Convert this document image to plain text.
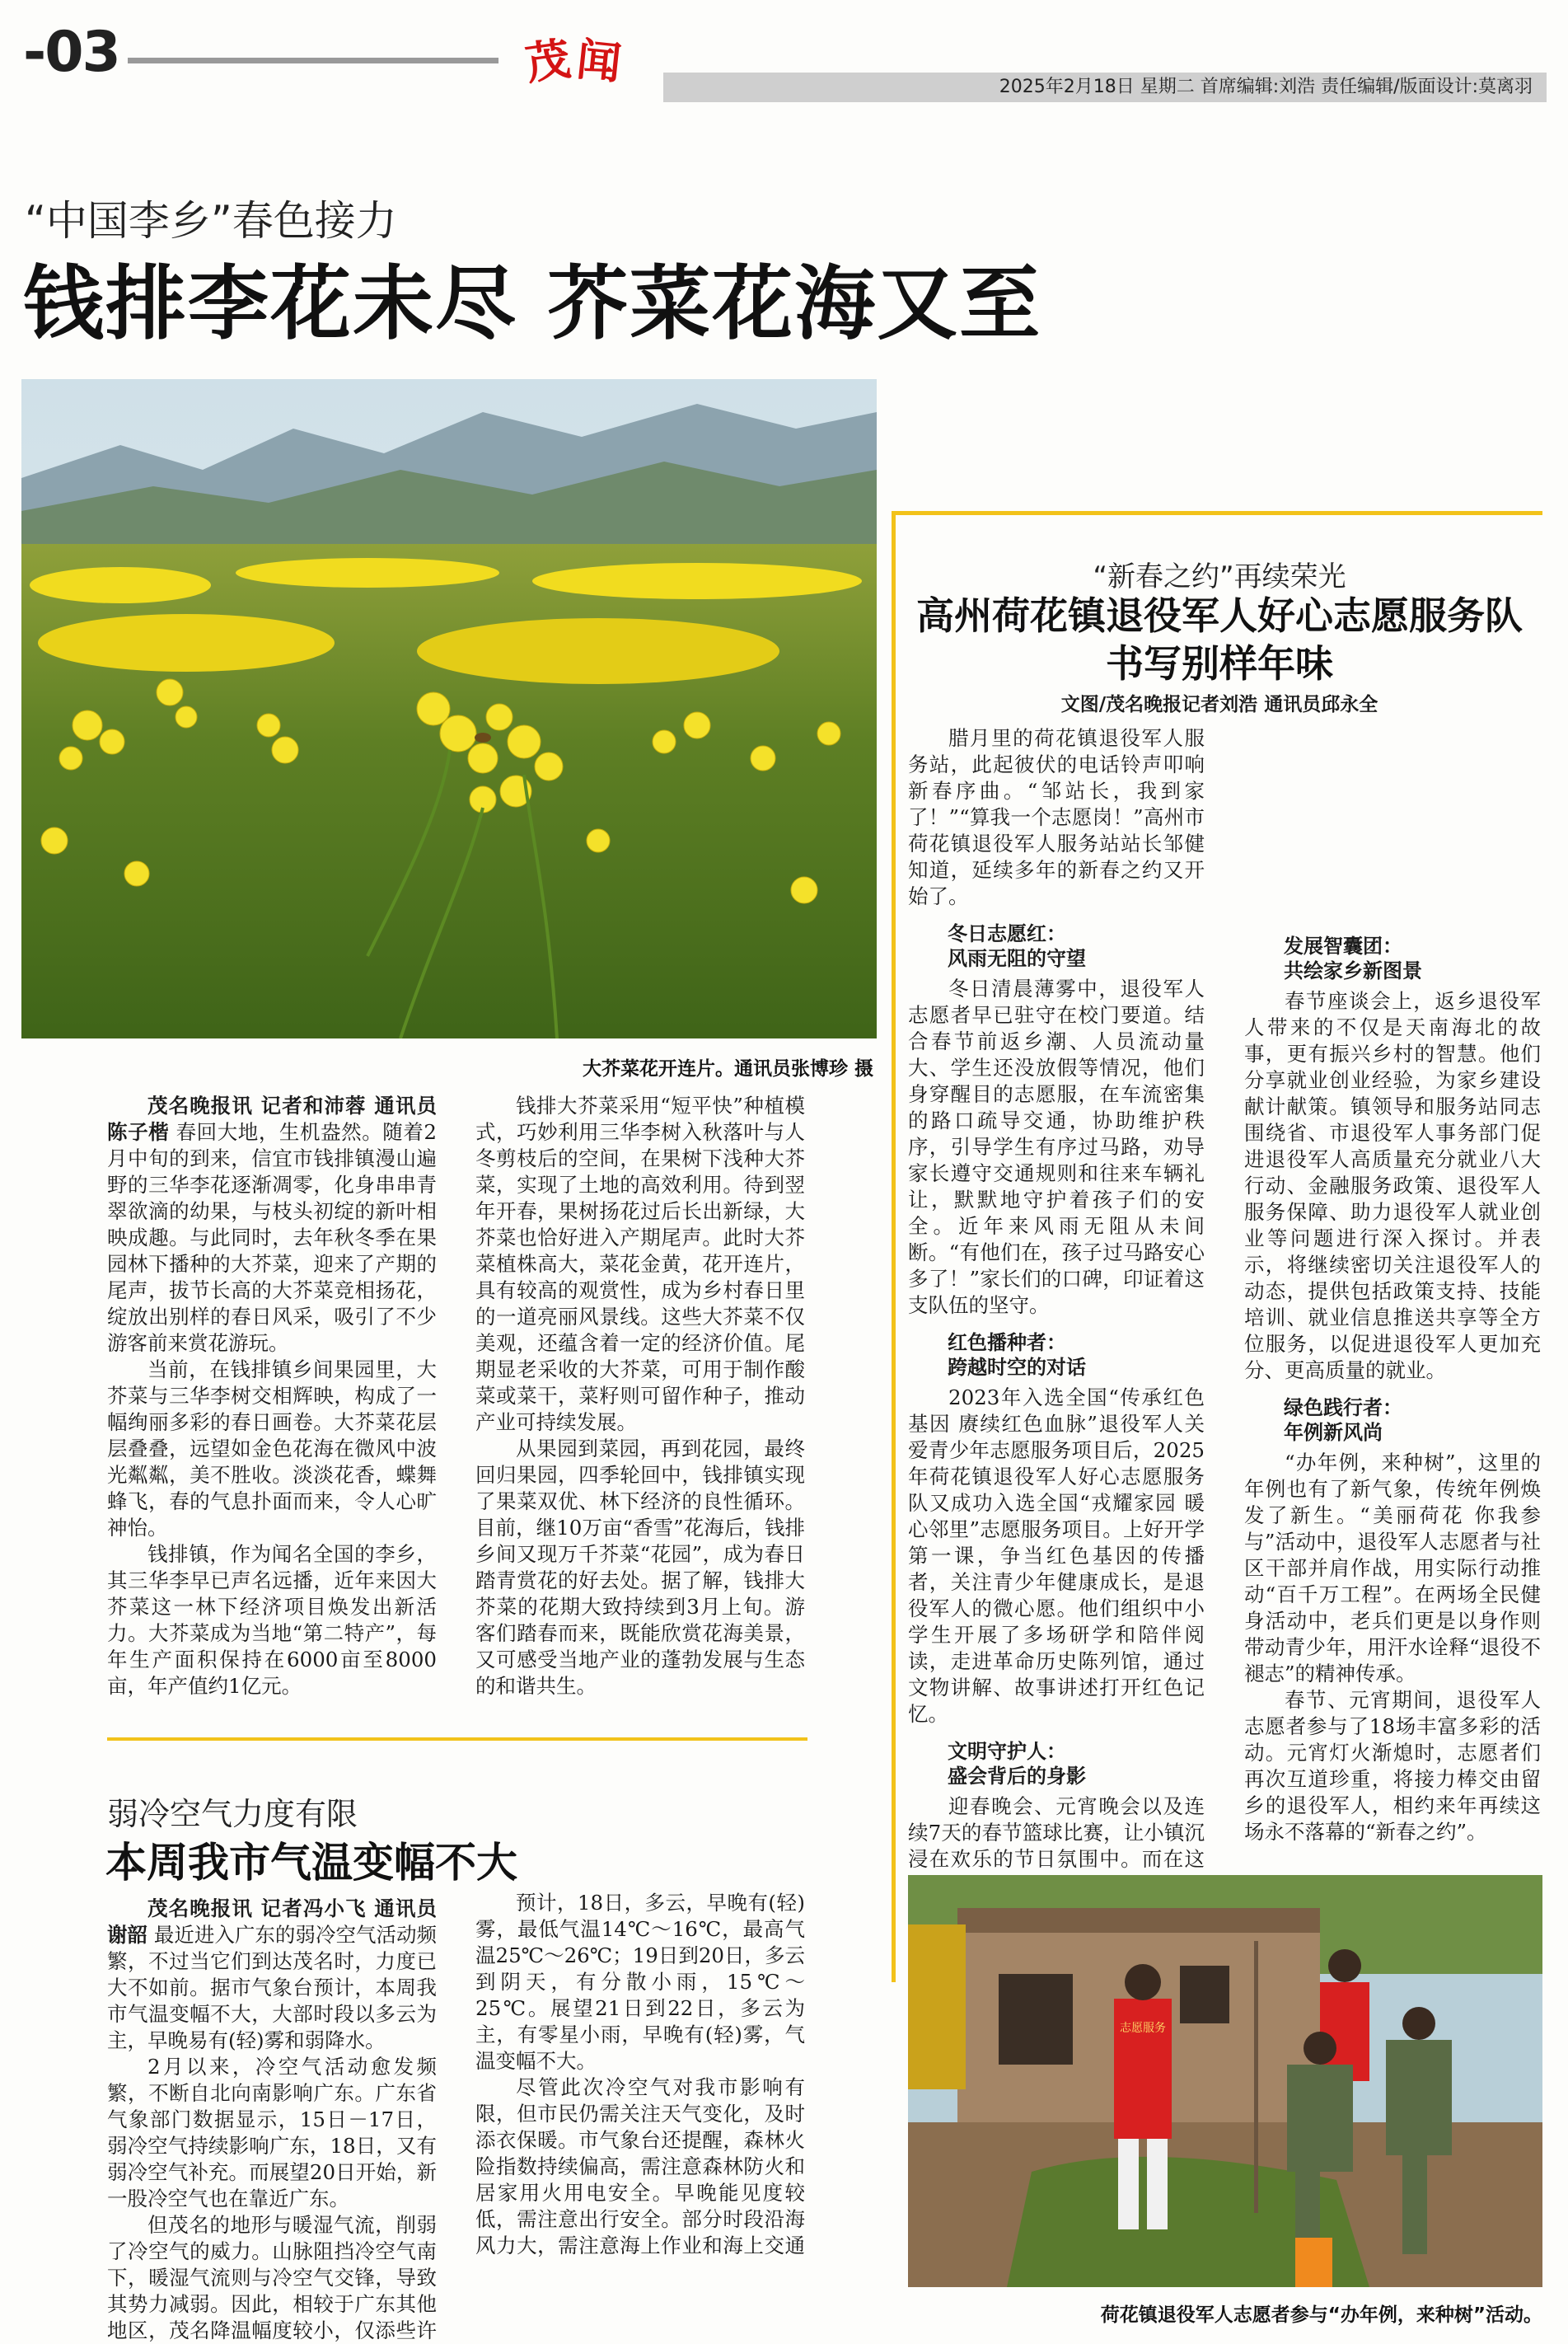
-03	茂 闻	2025年2月18日 星期二 首席编辑:刘浩 责任编辑/版面设计:莫离羽
“中国李乡”春色接力
钱排李花未尽 芥菜花海又至
大芥菜花开连片。通讯员张博珍 摄

茂名晚报讯 记者和沛蓉 通讯员陈子楷 春回大地，生机盎然。随着2月中旬的到来，信宜市钱排镇漫山遍野的三华李花逐渐凋零，化身串串青翠欲滴的幼果，与枝头初绽的新叶相映成趣。与此同时，去年秋冬季在果园林下播种的大芥菜，迎来了产期的尾声，拔节长高的大芥菜竞相扬花，绽放出别样的春日风采，吸引了不少游客前来赏花游玩。

当前，在钱排镇乡间果园里，大芥菜与三华李树交相辉映，构成了一幅绚丽多彩的春日画卷。大芥菜花层层叠叠，远望如金色花海在微风中波光粼粼，美不胜收。淡淡花香，蝶舞蜂飞，春的气息扑面而来，令人心旷神怡。

钱排镇，作为闻名全国的李乡，其三华李早已声名远播，近年来因大芥菜这一林下经济项目焕发出新活力。大芥菜成为当地“第二特产”，每年生产面积保持在6000亩至8000亩，年产值约1亿元。

钱排大芥菜采用“短平快”种植模式，巧妙利用三华李树入秋落叶与人冬剪枝后的空间，在果树下浅种大芥菜，实现了土地的高效利用。待到翌年开春，果树扬花过后长出新绿，大芥菜也恰好进入产期尾声。此时大芥菜植株高大，菜花金黄，花开连片，具有较高的观赏性，成为乡村春日里的一道亮丽风景线。这些大芥菜不仅美观，还蕴含着一定的经济价值。尾期显老采收的大芥菜，可用于制作酸菜或菜干，菜籽则可留作种子，推动产业可持续发展。

从果园到菜园，再到花园，最终回归果园，四季轮回中，钱排镇实现了果菜双优、林下经济的良性循环。目前，继10万亩“香雪”花海后，钱排乡间又现万千芥菜“花园”，成为春日踏青赏花的好去处。据了解，钱排大芥菜的花期大致持续到3月上旬。游客们踏春而来，既能欣赏花海美景，又可感受当地产业的蓬勃发展与生态的和谐共生。

“新春之约”再续荣光
高州荷花镇退役军人好心志愿服务队
书写别样年味
文图/茂名晚报记者刘浩 通讯员邱永全

腊月里的荷花镇退役军人服务站，此起彼伏的电话铃声叩响新春序曲。“邹站长，我到家了！”“算我一个志愿岗！”高州市荷花镇退役军人服务站站长邹健知道，延续多年的新春之约又开始了。

冬日志愿红：
风雨无阻的守望

冬日清晨薄雾中，退役军人志愿者早已驻守在校门要道。结合春节前返乡潮、人员流动量大、学生还没放假等情况，他们身穿醒目的志愿服，在车流密集的路口疏导交通，协助维护秩序，引导学生有序过马路，劝导家长遵守交通规则和往来车辆礼让，默默地守护着孩子们的安全。近年来风雨无阻从未间断。“有他们在，孩子过马路安心多了！”家长们的口碑，印证着这支队伍的坚守。

红色播种者：
跨越时空的对话

2023年入选全国“传承红色基因 赓续红色血脉”退役军人关爱青少年志愿服务项目后，2025年荷花镇退役军人好心志愿服务队又成功入选全国“戎耀家园 暖心邻里”志愿服务项目。上好开学第一课，争当红色基因的传播者，关注青少年健康成长，是退役军人的微心愿。他们组织中小学生开展了多场研学和陪伴阅读，走进革命历史陈列馆，通过文物讲解、故事讲述打开红色记忆。

文明守护人：
盛会背后的身影

迎春晚会、元宵晚会以及连续7天的春节篮球比赛，让小镇沉浸在欢乐的节日氛围中。而在这

发展智囊团：
共绘家乡新图景

春节座谈会上，返乡退役军人带来的不仅是天南海北的故事，更有振兴乡村的智慧。他们分享就业创业经验，为家乡建设献计献策。镇领导和服务站同志围绕省、市退役军人事务部门促进退役军人高质量充分就业八大行动、金融服务政策、退役军人服务保障、助力退役军人就业创业等问题进行深入探讨。并表示，将继续密切关注退役军人的动态，提供包括政策支持、技能培训、就业信息推送共享等全方位服务，以促进退役军人更加充分、更高质量的就业。

绿色践行者：
年例新风尚

“办年例，来种树”，这里的年例也有了新气象，传统年例焕发了新生。“美丽荷花 你我参与”活动中，退役军人志愿者与社区干部并肩作战，用实际行动推动“百千万工程”。在两场全民健身活动中，老兵们更是以身作则带动青少年，用汗水诠释“退役不褪志”的精神传承。

春节、元宵期间，退役军人志愿者参与了18场丰富多彩的活动。元宵灯火渐熄时，志愿者们再次互道珍重，将接力棒交由留乡的退役军人，相约来年再续这场永不落幕的“新春之约”。

志愿服务
荷花镇退役军人志愿者参与“办年例，来种树”活动。
弱冷空气力度有限
本周我市气温变幅不大

茂名晚报讯 记者冯小飞 通讯员谢韶 最近进入广东的弱冷空气活动频繁，不过当它们到达茂名时，力度已大不如前。据市气象台预计，本周我市气温变幅不大，大部时段以多云为主，早晚易有(轻)雾和弱降水。

2月以来，冷空气活动愈发频繁，不断自北向南影响广东。广东省气象部门数据显示，15日－17日，弱冷空气持续影响广东，18日，又有弱冷空气补充。而展望20日开始，新一股冷空气也在靠近广东。

但茂名的地形与暖湿气流，削弱了冷空气的威力。山脉阻挡冷空气南下，暖湿气流则与冷空气交锋，导致其势力减弱。因此，相较于广东其他地区，茂名降温幅度较小，仅添些许

预计，18日，多云，早晚有(轻)雾，最低气温14℃～16℃，最高气温25℃～26℃；19日到20日，多云到阴天，有分散小雨，15℃～25℃。展望21日到22日，多云为主，有零星小雨，早晚有(轻)雾，气温变幅不大。

尽管此次冷空气对我市影响有限，但市民仍需关注天气变化，及时添衣保暖。市气象台还提醒，森林火险指数持续偏高，需注意森林防火和居家用火用电安全。早晚能见度较低，需注意出行安全。部分时段沿海风力大，需注意海上作业和海上交通
